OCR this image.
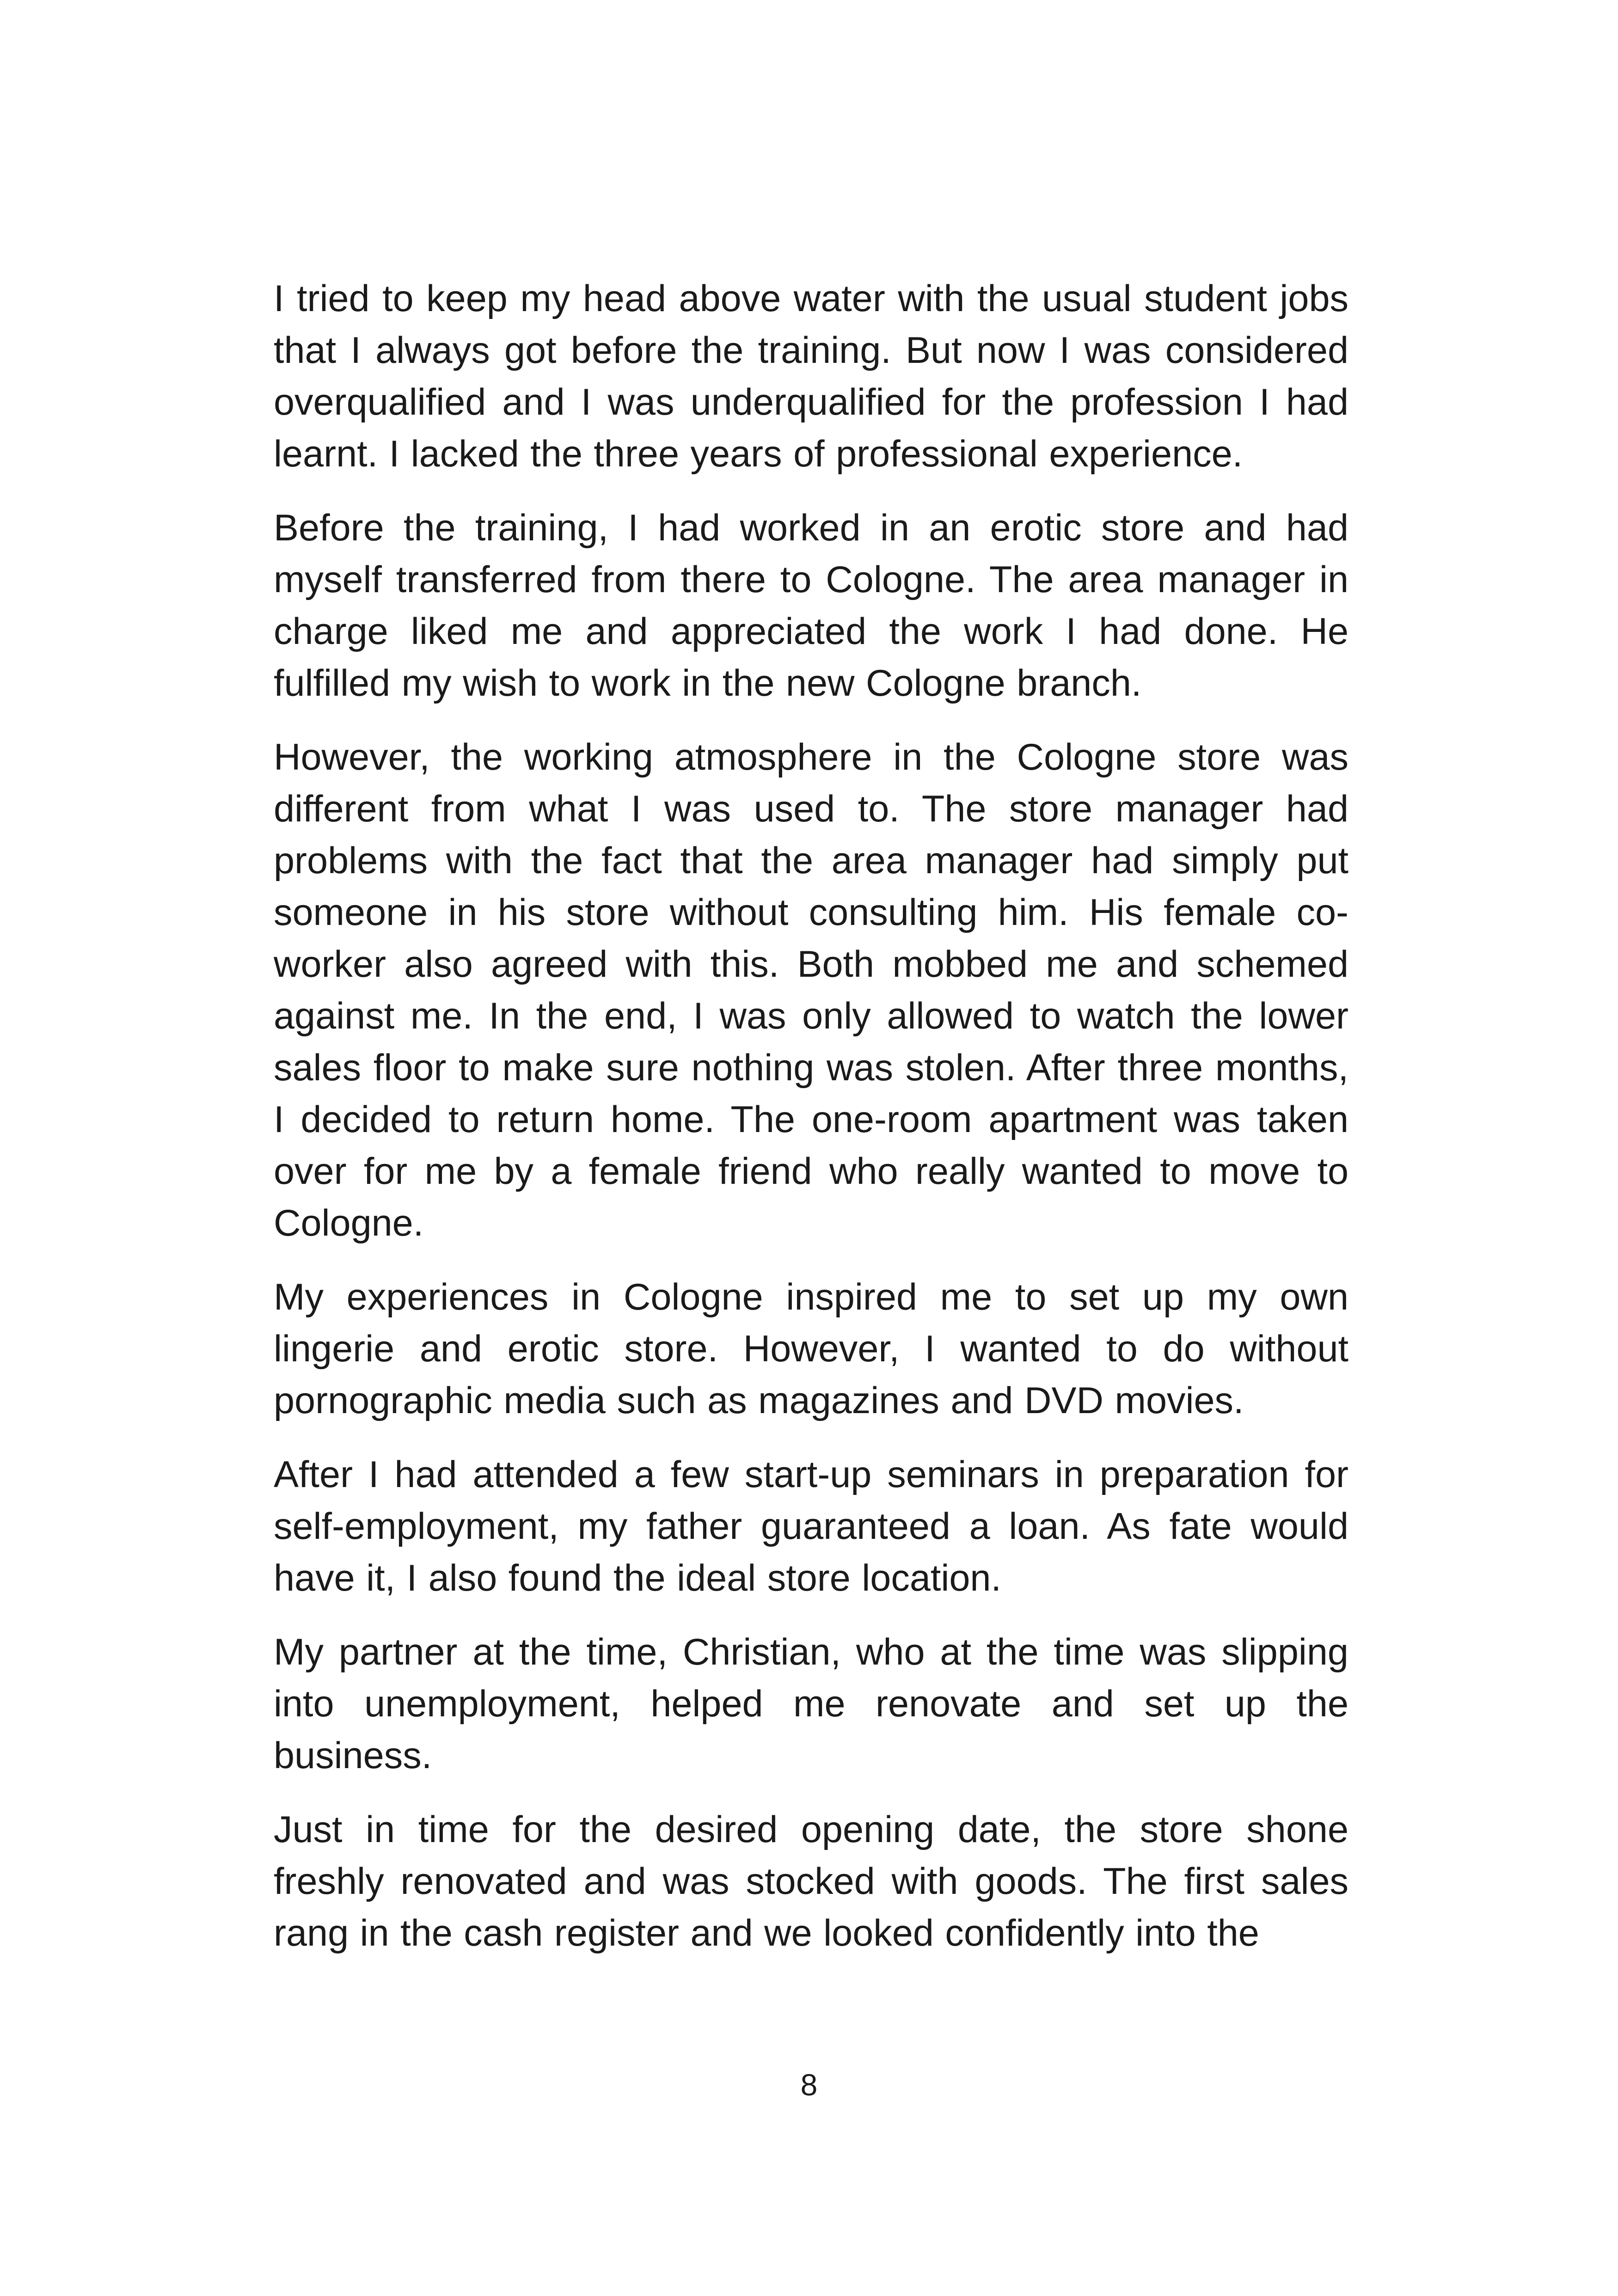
I tried to keep my head above water with the usual student jobs that I always got before the training. But now I was considered overqualified and I was underqualified for the profession I had learnt. I lacked the three years of professional experience.

Before the training, I had worked in an erotic store and had myself transferred from there to Cologne. The area manager in charge liked me and appreciated the work I had done. He fulfilled my wish to work in the new Cologne branch.

However, the working atmosphere in the Cologne store was different from what I was used to. The store manager had problems with the fact that the area manager had simply put someone in his store without consulting him. His female co-worker also agreed with this. Both mobbed me and schemed against me. In the end, I was only allowed to watch the lower sales floor to make sure nothing was stolen. After three months, I decided to return home. The one-room apartment was taken over for me by a female friend who really wanted to move to Cologne.

My experiences in Cologne inspired me to set up my own lingerie and erotic store. However, I wanted to do without pornographic media such as magazines and DVD movies.

After I had attended a few start-up seminars in preparation for self-employment, my father guaranteed a loan. As fate would have it, I also found the ideal store location.

My partner at the time, Christian, who at the time was slipping into unemployment, helped me renovate and set up the business.

Just in time for the desired opening date, the store shone freshly renovated and was stocked with goods. The first sales rang in the cash register and we looked confidently into the

8
